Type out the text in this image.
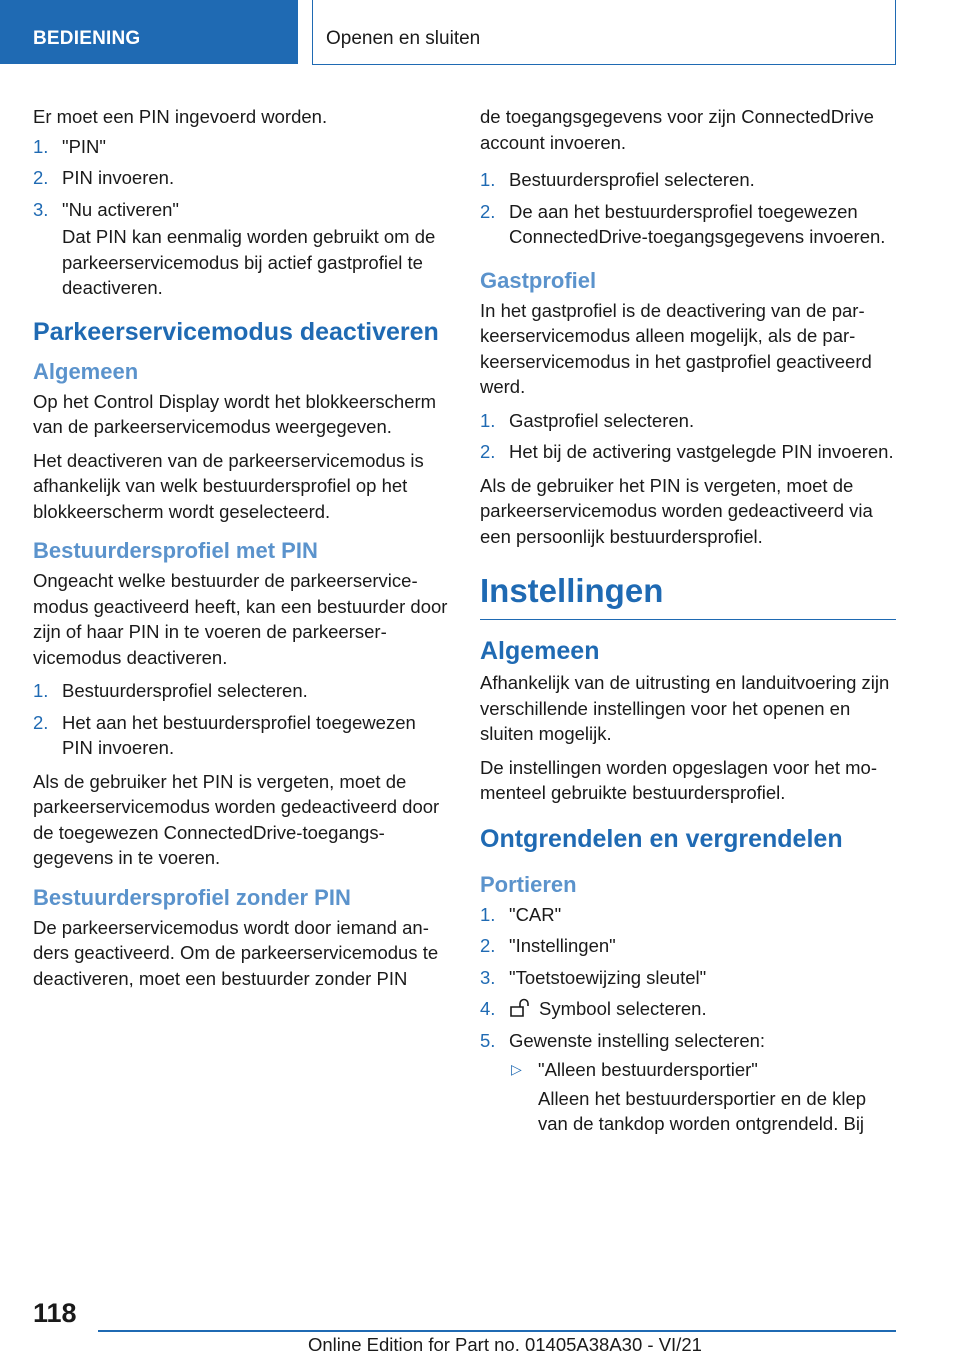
BEDIENING	Openen en sluiten

Er moet een PIN ingevoerd worden.

1. "PIN"
2. PIN invoeren.
3. "Nu activeren"
Dat PIN kan eenmalig worden gebruikt om de parkeerservicemodus bij actief gastprofiel te deactiveren.
Parkeerservicemodus deactiveren
Algemeen

Op het Control Display wordt het blokkeerscherm van de parkeerservicemodus weergegeven.

Het deactiveren van de parkeerservicemodus is afhankelijk van welk bestuurdersprofiel op het blokkeerscherm wordt geselecteerd.

Bestuurdersprofiel met PIN

Ongeacht welke bestuurder de parkeerservicemodus geactiveerd heeft, kan een bestuurder door zijn of haar PIN in te voeren de parkeerservicemodus deactiveren.

1. Bestuurdersprofiel selecteren.
2. Het aan het bestuurdersprofiel toegewezen PIN invoeren.

Als de gebruiker het PIN is vergeten, moet de parkeerservicemodus worden gedeactiveerd door de toegewezen ConnectedDrive-toegangsgegevens in te voeren.

Bestuurdersprofiel zonder PIN

De parkeerservicemodus wordt door iemand anders geactiveerd. Om de parkeerservicemodus te deactiveren, moet een bestuurder zonder PIN

de toegangsgegevens voor zijn ConnectedDrive account invoeren.

1. Bestuurdersprofiel selecteren.
2. De aan het bestuurdersprofiel toegewezen ConnectedDrive-toegangsgegevens invoeren.
Gastprofiel

In het gastprofiel is de deactivering van de parkeerservicemodus alleen mogelijk, als de parkeerservicemodus in het gastprofiel geactiveerd werd.

1. Gastprofiel selecteren.
2. Het bij de activering vastgelegde PIN invoeren.

Als de gebruiker het PIN is vergeten, moet de parkeerservicemodus worden gedeactiveerd via een persoonlijk bestuurdersprofiel.

Instellingen
Algemeen

Afhankelijk van de uitrusting en landuitvoering zijn verschillende instellingen voor het openen en sluiten mogelijk.

De instellingen worden opgeslagen voor het momenteel gebruikte bestuurdersprofiel.

Ontgrendelen en vergrendelen
Portieren
1. "CAR"
2. "Instellingen"
3. "Toetstoewijzing sleutel"
4. Symbool selecteren.
5. Gewenste instelling selecteren:
▷ "Alleen bestuurdersportier"
Alleen het bestuurdersportier en de klep van de tankdop worden ontgrendeld. Bij
118
Online Edition for Part no. 01405A38A30 - VI/21
